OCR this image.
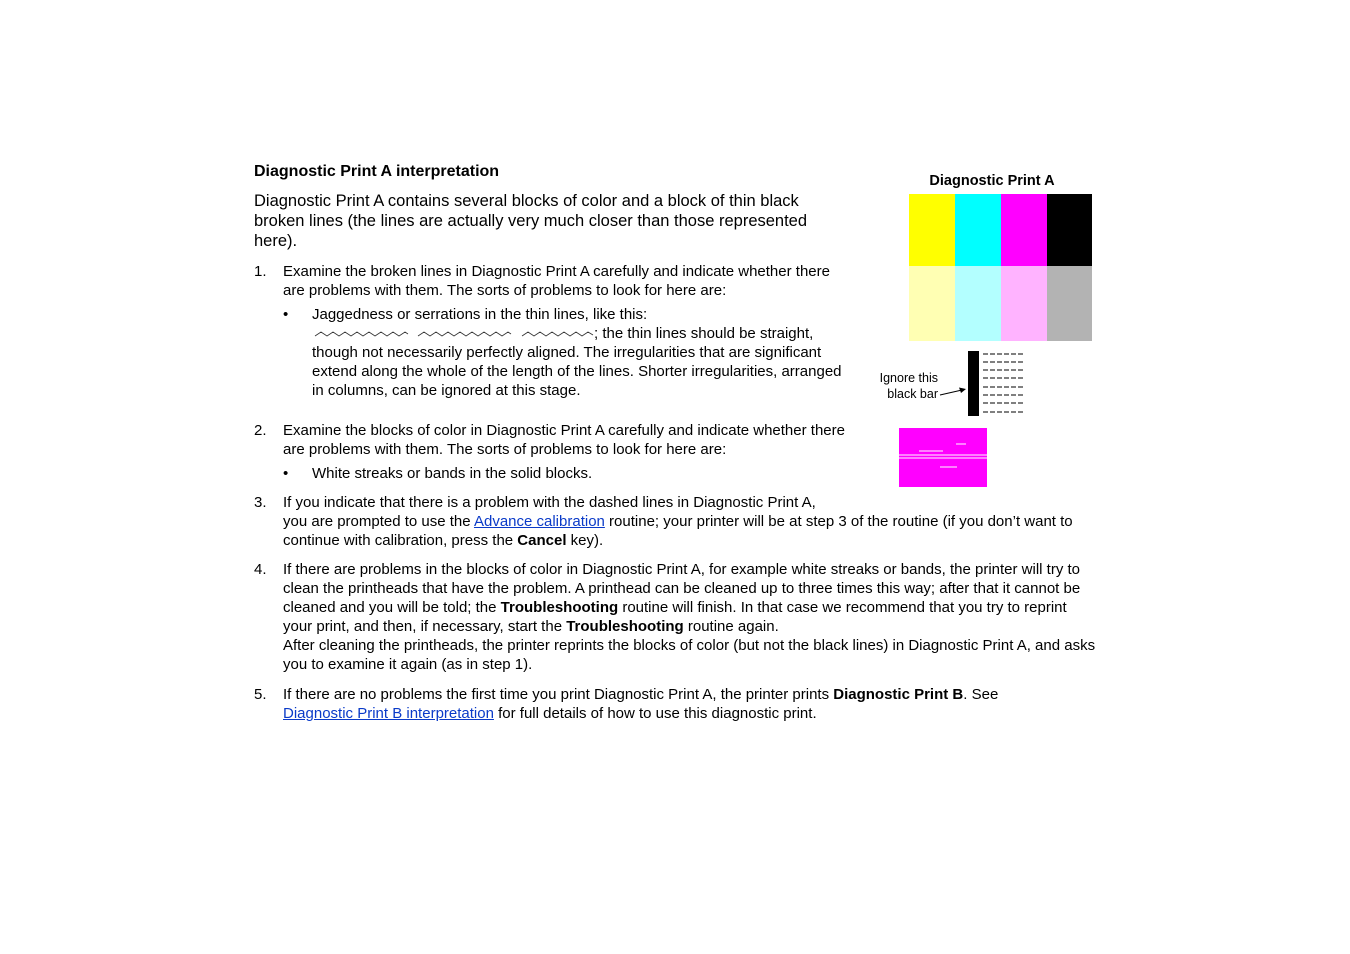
Diagnostic Print A interpretation
Diagnostic Print A contains several blocks of color and a block of thin black broken lines (the lines are actually very much closer than those represented here).
1. Examine the broken lines in Diagnostic Print A carefully and indicate whether there are problems with them. The sorts of problems to look for here are:
• Jaggedness or serrations in the thin lines, like this:
; the thin lines should be straight, though not necessarily perfectly aligned. The irregularities that are significant extend along the whole of the length of the lines. Shorter irregularities, arranged in columns, can be ignored at this stage.
2. Examine the blocks of color in Diagnostic Print A carefully and indicate whether there are problems with them. The sorts of problems to look for here are:
• White streaks or bands in the solid blocks.
3. If you indicate that there is a problem with the dashed lines in Diagnostic Print A,
you are prompted to use the Advance calibration routine; your printer will be at step 3 of the routine (if you don’t want to continue with calibration, press the Cancel key).
4. If there are problems in the blocks of color in Diagnostic Print A, for example white streaks or bands, the printer will try to clean the printheads that have the problem. A printhead can be cleaned up to three times this way; after that it cannot be cleaned and you will be told; the Troubleshooting routine will finish. In that case we recommend that you try to reprint your print, and then, if necessary, start the Troubleshooting routine again.
After cleaning the printheads, the printer reprints the blocks of color (but not the black lines) in Diagnostic Print A, and asks you to examine it again (as in step 1).
5. If there are no problems the first time you print Diagnostic Print A, the printer prints Diagnostic Print B. See
Diagnostic Print B interpretation for full details of how to use this diagnostic print.
Diagnostic Print A
Ignore this black bar
